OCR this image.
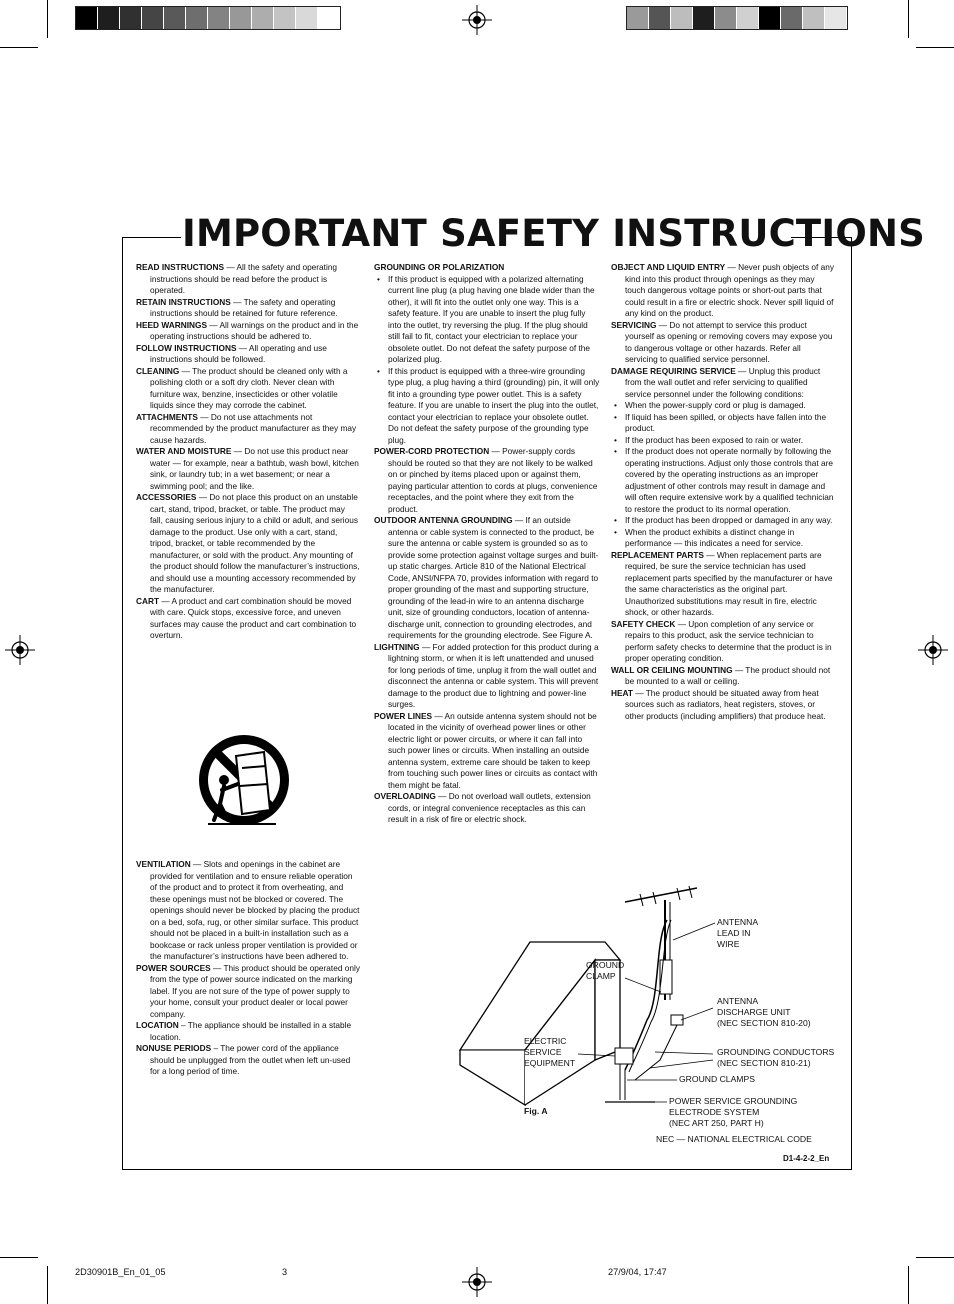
IMPORTANT SAFETY INSTRUCTIONS

READ INSTRUCTIONS — All the safety and operating instructions should be read before the product is operated.

RETAIN INSTRUCTIONS — The safety and operating instructions should be retained for future reference.

HEED WARNINGS — All warnings on the product and in the operating instructions should be adhered to.

FOLLOW INSTRUCTIONS — All operating and use instructions should be followed.

CLEANING — The product should be cleaned only with a polishing cloth or a soft dry cloth. Never clean with furniture wax, benzine, insecticides or other volatile liquids since they may corrode the cabinet.

ATTACHMENTS — Do not use attachments not recommended by the product manufacturer as they may cause hazards.

WATER AND MOISTURE — Do not use this product near water — for example, near a bathtub, wash bowl, kitchen sink, or laundry tub; in a wet basement; or near a swimming pool; and the like.

ACCESSORIES — Do not place this product on an unstable cart, stand, tripod, bracket, or table. The product may fall, causing serious injury to a child or adult, and serious damage to the product. Use only with a cart, stand, tripod, bracket, or table recommended by the manufacturer, or sold with the product. Any mounting of the product should follow the manufacturer’s instructions, and should use a mounting accessory recommended by the manufacturer.

CART — A product and cart combination should be moved with care. Quick stops, excessive force, and uneven surfaces may cause the product and cart combination to overturn.

VENTILATION — Slots and openings in the cabinet are provided for ventilation and to ensure reliable operation of the product and to protect it from overheating, and these openings must not be blocked or covered. The openings should never be blocked by placing the product on a bed, sofa, rug, or other similar surface. This product should not be placed in a built-in installation such as a bookcase or rack unless proper ventilation is provided or the manufacturer’s instructions have been adhered to.

POWER SOURCES — This product should be operated only from the type of power source indicated on the marking label. If you are not sure of the type of power supply to your home, consult your product dealer or local power company.

LOCATION – The appliance should be installed in a stable location.

NONUSE PERIODS – The power cord of the appliance should be unplugged from the outlet when left un-used for a long period of time.

GROUNDING OR POLARIZATION

• If this product is equipped with a polarized alternating current line plug (a plug having one blade wider than the other), it will fit into the outlet only one way. This is a safety feature. If you are unable to insert the plug fully into the outlet, try reversing the plug. If the plug should still fail to fit, contact your electrician to replace your obsolete outlet. Do not defeat the safety purpose of the polarized plug.

• If this product is equipped with a three-wire grounding type plug, a plug having a third (grounding) pin, it will only fit into a grounding type power outlet. This is a safety feature. If you are unable to insert the plug into the outlet, contact your electrician to replace your obsolete outlet. Do not defeat the safety purpose of the grounding type plug.

POWER-CORD PROTECTION — Power-supply cords should be routed so that they are not likely to be walked on or pinched by items placed upon or against them, paying particular attention to cords at plugs, convenience receptacles, and the point where they exit from the product.

OUTDOOR ANTENNA GROUNDING — If an outside antenna or cable system is connected to the product, be sure the antenna or cable system is grounded so as to provide some protection against voltage surges and built-up static charges. Article 810 of the National Electrical Code, ANSI/NFPA 70, provides information with regard to proper grounding of the mast and supporting structure, grounding of the lead-in wire to an antenna discharge unit, size of grounding conductors, location of antenna-discharge unit, connection to grounding electrodes, and requirements for the grounding electrode. See Figure A.

LIGHTNING — For added protection for this product during a lightning storm, or when it is left unattended and unused for long periods of time, unplug it from the wall outlet and disconnect the antenna or cable system. This will prevent damage to the product due to lightning and power-line surges.

POWER LINES — An outside antenna system should not be located in the vicinity of overhead power lines or other electric light or power circuits, or where it can fall into such power lines or circuits. When installing an outside antenna system, extreme care should be taken to keep from touching such power lines or circuits as contact with them might be fatal.

OVERLOADING — Do not overload wall outlets, extension cords, or integral convenience receptacles as this can result in a risk of fire or electric shock.

OBJECT AND LIQUID ENTRY — Never push objects of any kind into this product through openings as they may touch dangerous voltage points or short-out parts that could result in a fire or electric shock. Never spill liquid of any kind on the product.

SERVICING — Do not attempt to service this product yourself as opening or removing covers may expose you to dangerous voltage or other hazards. Refer all servicing to qualified service personnel.

DAMAGE REQUIRING SERVICE — Unplug this product from the wall outlet and refer servicing to qualified service personnel under the following conditions:

• When the power-supply cord or plug is damaged.

• If liquid has been spilled, or objects have fallen into the product.

• If the product has been exposed to rain or water.

• If the product does not operate normally by following the operating instructions. Adjust only those controls that are covered by the operating instructions as an improper adjustment of other controls may result in damage and will often require extensive work by a qualified technician to restore the product to its normal operation.

• If the product has been dropped or damaged in any way.

• When the product exhibits a distinct change in performance — this indicates a need for service.

REPLACEMENT PARTS — When replacement parts are required, be sure the service technician has used replacement parts specified by the manufacturer or have the same characteristics as the original part. Unauthorized substitutions may result in fire, electric shock, or other hazards.

SAFETY CHECK — Upon completion of any service or repairs to this product, ask the service technician to perform safety checks to determine that the product is in proper operating condition.

WALL OR CEILING MOUNTING — The product should not be mounted to a wall or ceiling.

HEAT — The product should be situated away from heat sources such as radiators, heat registers, stoves, or other products (including amplifiers) that produce heat.

ANTENNA
LEAD IN
WIRE
GROUND
CLAMP
ANTENNA
DISCHARGE UNIT
(NEC SECTION 810-20)
ELECTRIC
SERVICE
EQUIPMENT
GROUNDING CONDUCTORS
(NEC SECTION 810-21)
GROUND CLAMPS
POWER SERVICE GROUNDING
ELECTRODE SYSTEM
(NEC ART 250, PART H)
NEC — NATIONAL ELECTRICAL CODE
Fig. A
D1-4-2-2_En
2D30901B_En_01_05	3	27/9/04, 17:47
